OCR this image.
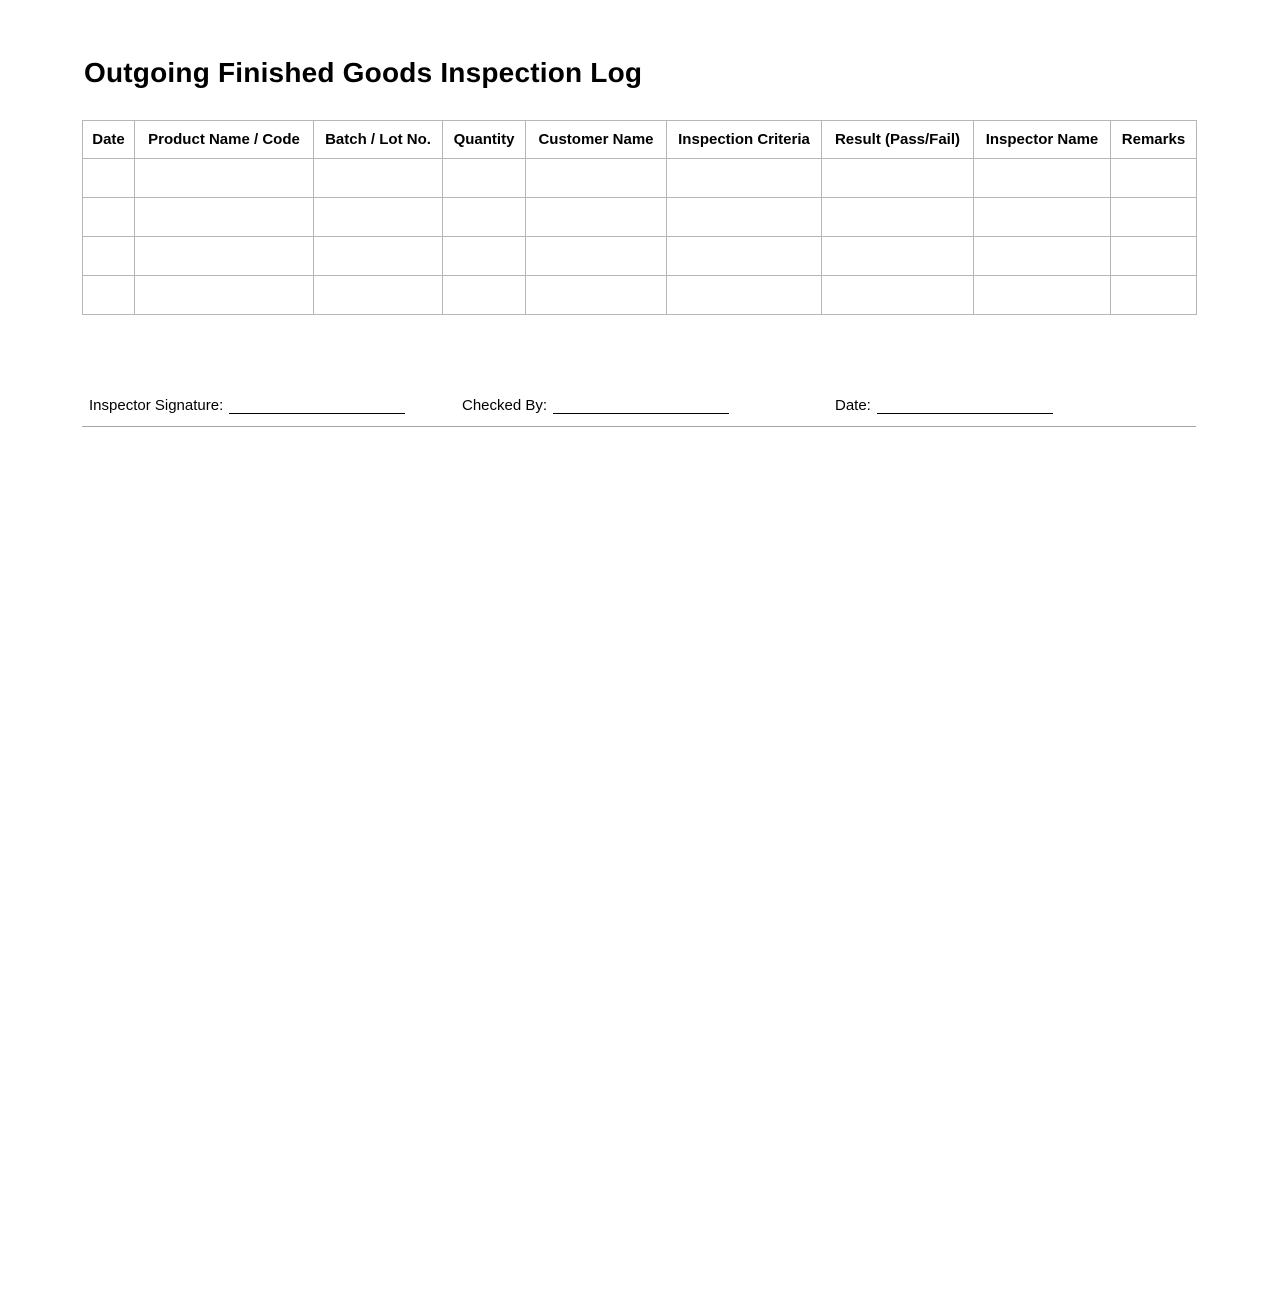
Outgoing Finished Goods Inspection Log
Date	Product Name / Code	Batch / Lot No.	Quantity	Customer Name	Inspection Criteria	Result (Pass/Fail)	Inspector Name	Remarks

Inspector Signature:	Checked By:	Date:
